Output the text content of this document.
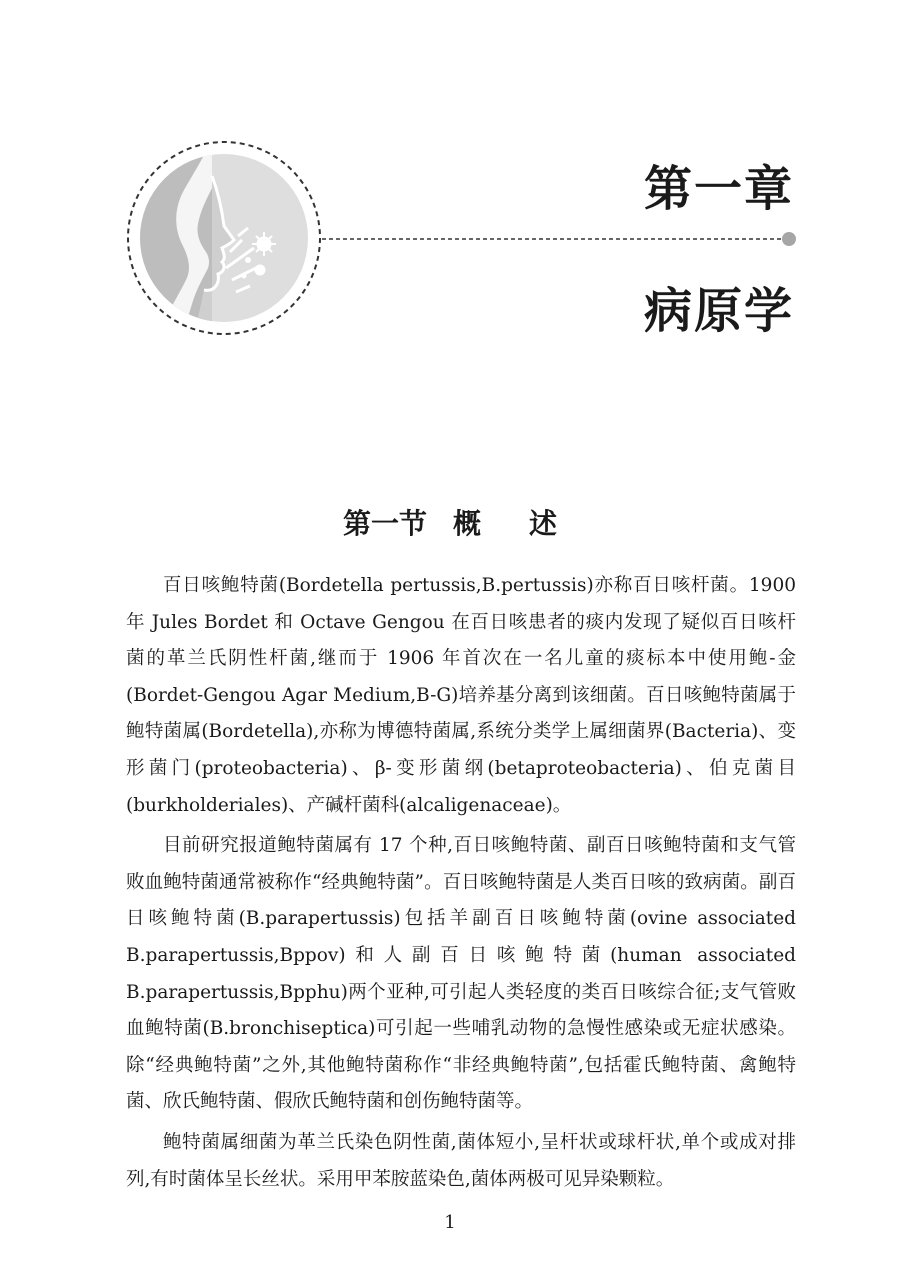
第一章
病原学
第一节 概 述

百日咳鲍特菌(Bordetella pertussis,B.pertussis)亦称百日咳杆菌。1900 年 Jules Bordet 和 Octave Gengou 在百日咳患者的痰内发现了疑似百日咳杆菌的革兰氏阴性杆菌,继而于 1906 年首次在一名儿童的痰标本中使用鲍-金(Bordet-Gengou Agar Medium,B-G)培养基分离到该细菌。百日咳鲍特菌属于鲍特菌属(Bordetella),亦称为博德特菌属,系统分类学上属细菌界(Bacteria)、变形菌门(proteobacteria)、β-变形菌纲(betaproteobacteria)、伯克菌目(burkholderiales)、产碱杆菌科(alcaligenaceae)。

目前研究报道鲍特菌属有 17 个种,百日咳鲍特菌、副百日咳鲍特菌和支气管败血鲍特菌通常被称作“经典鲍特菌”。百日咳鲍特菌是人类百日咳的致病菌。副百日咳鲍特菌(B.parapertussis)包括羊副百日咳鲍特菌(ovine associated B.parapertussis,Bppov)和人副百日咳鲍特菌(human associated B.parapertussis,Bpphu)两个亚种,可引起人类轻度的类百日咳综合征;支气管败血鲍特菌(B.bronchiseptica)可引起一些哺乳动物的急慢性感染或无症状感染。除“经典鲍特菌”之外,其他鲍特菌称作“非经典鲍特菌”,包括霍氏鲍特菌、禽鲍特菌、欣氏鲍特菌、假欣氏鲍特菌和创伤鲍特菌等。

鲍特菌属细菌为革兰氏染色阴性菌,菌体短小,呈杆状或球杆状,单个或成对排列,有时菌体呈长丝状。采用甲苯胺蓝染色,菌体两极可见异染颗粒。

1
